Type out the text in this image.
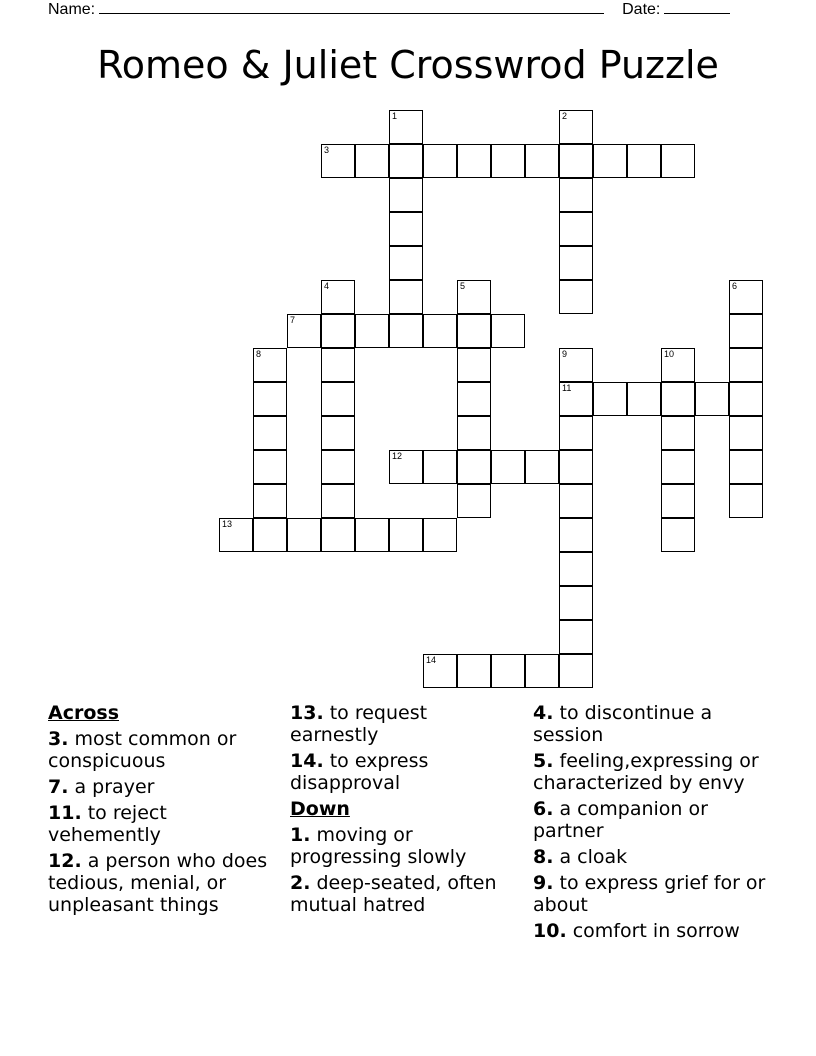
Name:	Date:
Romeo & Juliet Crosswrod Puzzle
1	2
3
4	5	6
7
8	9
11
10
12
13
14
Across
3. most common or conspicuous
7. a prayer
11. to reject vehemently
12. a person who does tedious, menial, or unpleasant things
13. to request earnestly
14. to express disapproval
Down
1. moving or progressing slowly
2. deep-seated, often mutual hatred
4. to discontinue a session
5. feeling,expressing or characterized by envy
6. a companion or partner
8. a cloak
9. to express grief for or about
10. comfort in sorrow
